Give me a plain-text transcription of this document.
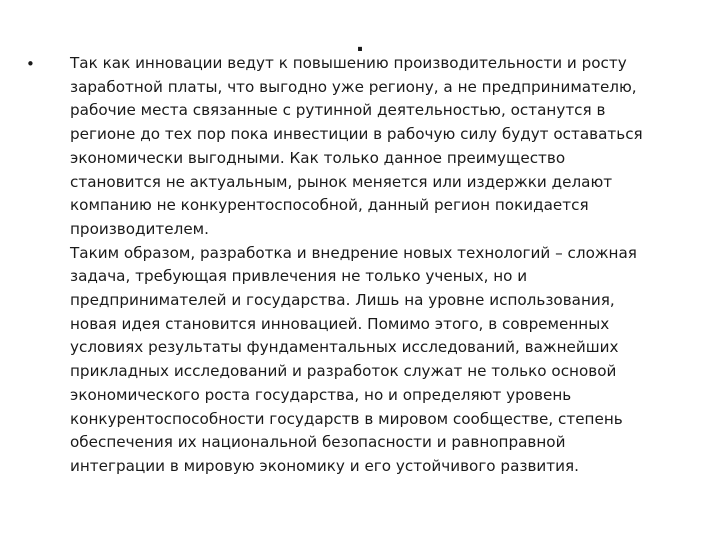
.
• Так как инновации ведут к повышению производительности и росту
заработной платы, что выгодно уже региону, а не предпринимателю,
рабочие места связанные с рутинной деятельностью, останутся в
регионе до тех пор пока инвестиции в рабочую силу будут оставаться
экономически выгодными. Как только данное преимущество
становится не актуальным, рынок меняется или издержки делают
компанию не конкурентоспособной, данный регион покидается
производителем.
Таким образом, разработка и внедрение новых технологий – сложная
задача, требующая привлечения не только ученых, но и
предпринимателей и государства. Лишь на уровне использования,
новая идея становится инновацией. Помимо этого, в современных
условиях результаты фундаментальных исследований, важнейших
прикладных исследований и разработок служат не только основой
экономического роста государства, но и определяют уровень
конкурентоспособности государств в мировом сообществе, степень
обеспечения их национальной безопасности и равноправной
интеграции в мировую экономику и его устойчивого развития.
